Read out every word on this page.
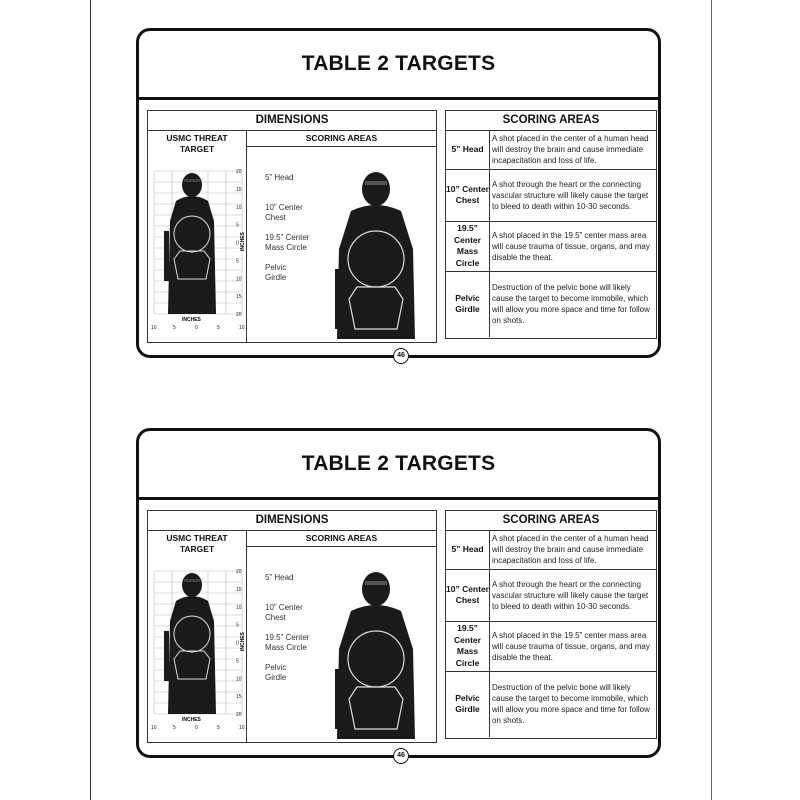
TABLE 2 TARGETS
DIMENSIONS
USMC THREAT
TARGET
20
15
10
5
0
5
10
15
20
10	5	0	5	10
INCHES
INCHES
SCORING AREAS
5” Head
10” Center Chest
19.5” Center Mass Circle
Pelvic Girdle
SCORING AREAS
5” Head	A shot placed in the center of a human head will destroy the brain and cause immediate incapacitation and loss of life.
10” Center Chest	A shot through the heart or the connecting vascular structure will likely cause the target to bleed to death within 10-30 seconds.
19.5” Center Mass Circle	A shot placed in the 19.5” center mass area will cause trauma of tissue, organs, and may disable the theat.
Pelvic Girdle	Destruction of the pelvic bone will likely cause the target to become immobile, which will allow you more space and time for follow on shots.
46
TABLE 2 TARGETS
DIMENSIONS
USMC THREAT
TARGET
20
15
10
5
0
5
10
15
20
10	5	0	5	10
INCHES
INCHES
SCORING AREAS
5” Head
10” Center Chest
19.5” Center Mass Circle
Pelvic Girdle
SCORING AREAS
5” Head	A shot placed in the center of a human head will destroy the brain and cause immediate incapacitation and loss of life.
10” Center Chest	A shot through the heart or the connecting vascular structure will likely cause the target to bleed to death within 10-30 seconds.
19.5” Center Mass Circle	A shot placed in the 19.5” center mass area will cause trauma of tissue, organs, and may disable the theat.
Pelvic Girdle	Destruction of the pelvic bone will likely cause the target to become immobile, which will allow you more space and time for follow on shots.
46
